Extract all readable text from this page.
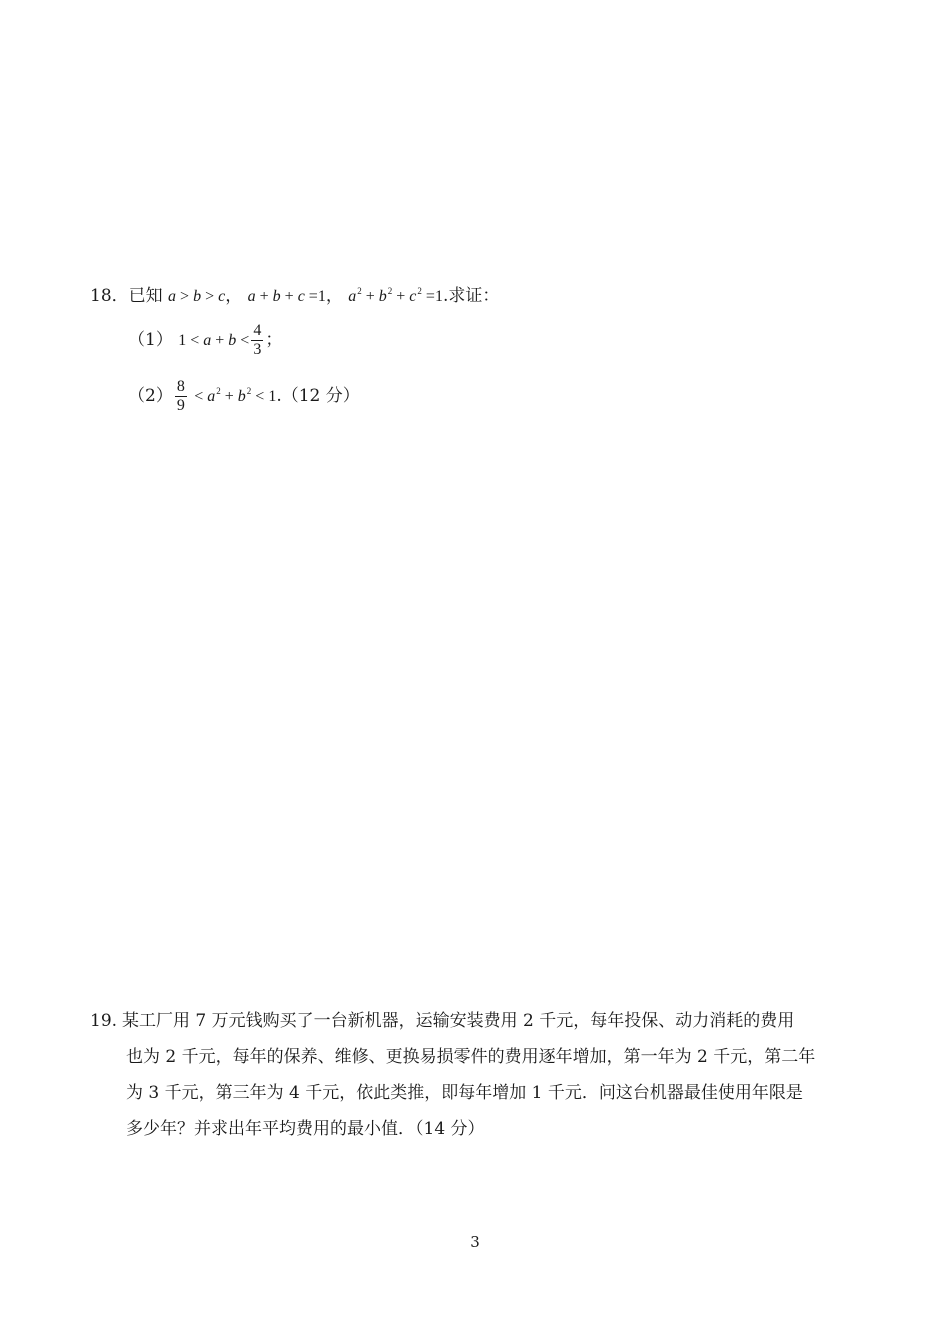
18．已知 a > b > c， a + b + c =1， $a^2 + b^2 + c^2 =1$.求证：
（1） $1 < a + b < \frac{4}{3}$ ；
$(2) \frac{8}{9} < a^2 + b^2 < 1.(12$ 分）
19. 某工厂用 7 万元钱购买了一台新机器，运输安装费用 2 千元，每年投保、动力消耗的费用
也为 2 千元，每年的保养、维修、更换易损零件的费用逐年增加，第一年为 2 千元，第二年
为 3 千元，第三年为 4 千元，依此类推，即每年增加 1 千元．问这台机器最佳使用年限是
多少年？并求出年平均费用的最小值．（14 分）
3
